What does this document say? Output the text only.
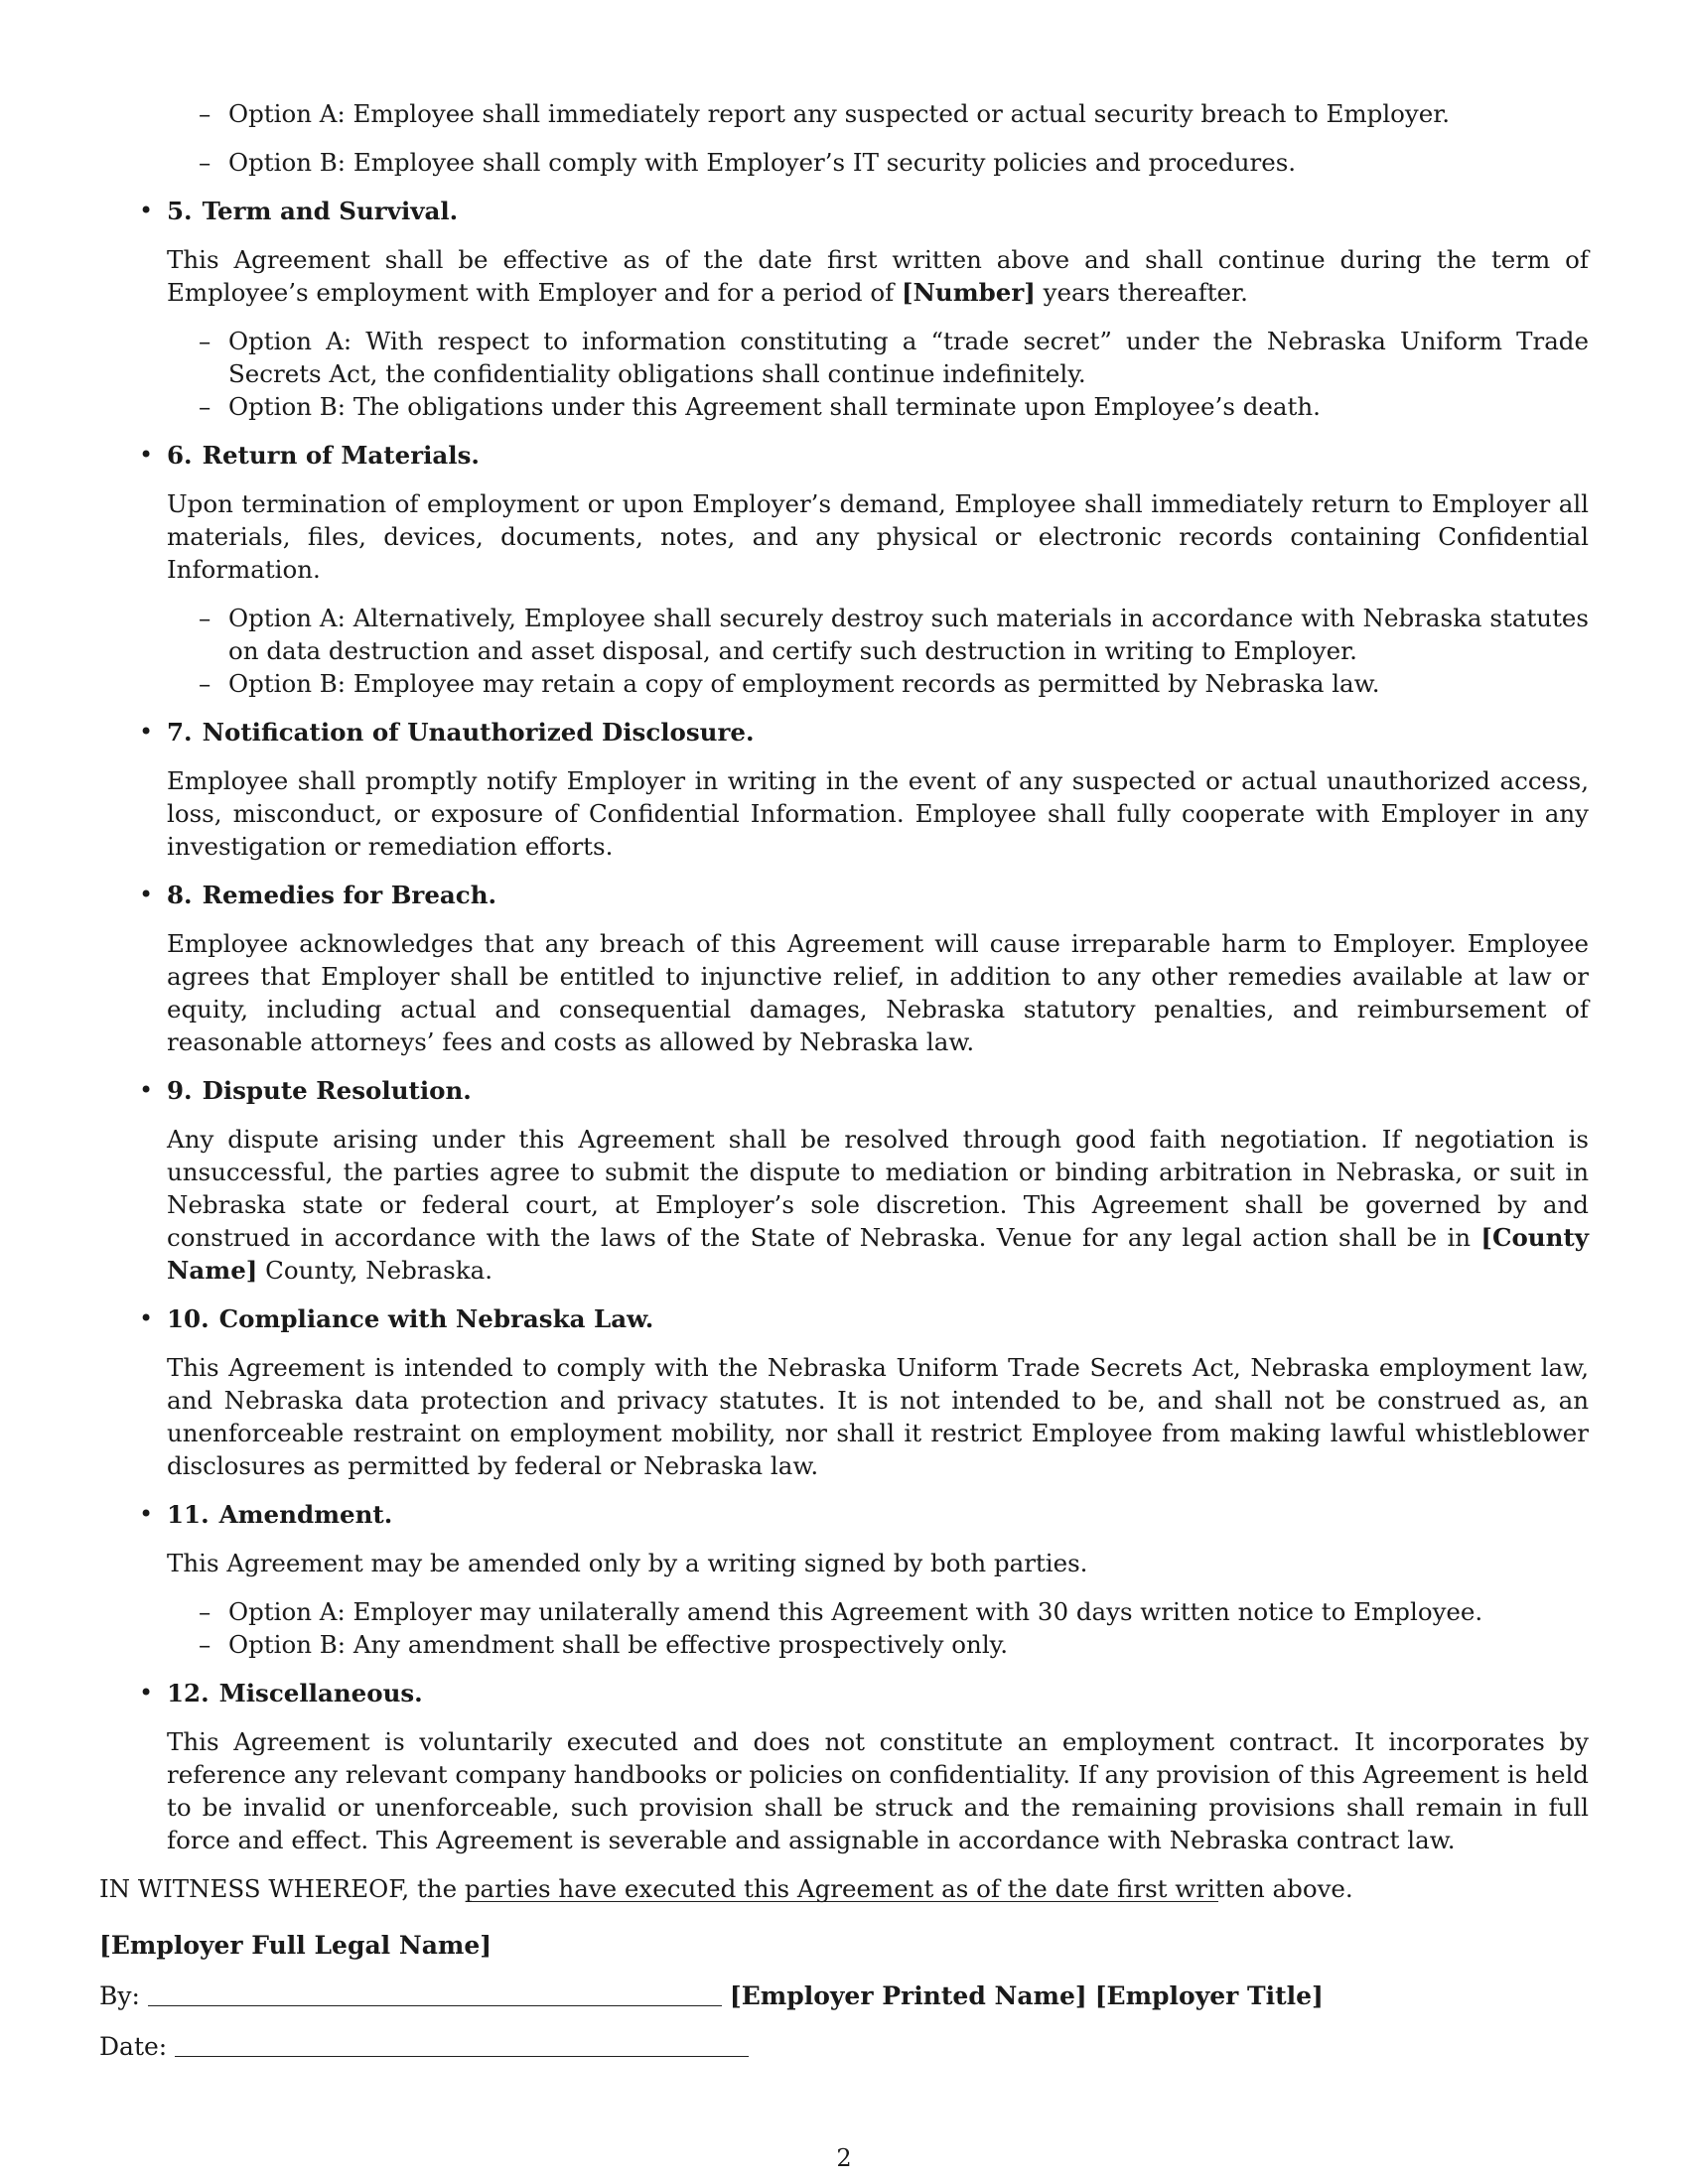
– Option A: Employee shall immediately report any suspected or actual security breach to Employer.
– Option B: Employee shall comply with Employer’s IT security policies and procedures.
• 5. Term and Survival.
This Agreement shall be effective as of the date first written above and shall continue during the term of Employee’s employment with Employer and for a period of [Number] years thereafter.
– Option A: With respect to information constituting a “trade secret” under the Nebraska Uniform Trade Secrets Act, the confidentiality obligations shall continue indefinitely.
– Option B: The obligations under this Agreement shall terminate upon Employee’s death.
• 6. Return of Materials.
Upon termination of employment or upon Employer’s demand, Employee shall immediately return to Employer all materials, files, devices, documents, notes, and any physical or electronic records containing Confidential Information.
– Option A: Alternatively, Employee shall securely destroy such materials in accordance with Nebraska statutes on data destruction and asset disposal, and certify such destruction in writing to Employer.
– Option B: Employee may retain a copy of employment records as permitted by Nebraska law.
• 7. Notification of Unauthorized Disclosure.
Employee shall promptly notify Employer in writing in the event of any suspected or actual unauthorized access, loss, misconduct, or exposure of Confidential Information. Employee shall fully cooperate with Employer in any investigation or remediation efforts.
• 8. Remedies for Breach.
Employee acknowledges that any breach of this Agreement will cause irreparable harm to Employer. Employee agrees that Employer shall be entitled to injunctive relief, in addition to any other remedies available at law or equity, including actual and consequential damages, Nebraska statutory penalties, and reimbursement of reasonable attorneys’ fees and costs as allowed by Nebraska law.
• 9. Dispute Resolution.
Any dispute arising under this Agreement shall be resolved through good faith negotiation. If negotiation is unsuccessful, the parties agree to submit the dispute to mediation or binding arbitration in Nebraska, or suit in Nebraska state or federal court, at Employer’s sole discretion. This Agreement shall be governed by and construed in accordance with the laws of the State of Nebraska. Venue for any legal action shall be in [County Name] County, Nebraska.
• 10. Compliance with Nebraska Law.
This Agreement is intended to comply with the Nebraska Uniform Trade Secrets Act, Nebraska employment law, and Nebraska data protection and privacy statutes. It is not intended to be, and shall not be construed as, an unenforceable restraint on employment mobility, nor shall it restrict Employee from making lawful whistleblower disclosures as permitted by federal or Nebraska law.
• 11. Amendment.
This Agreement may be amended only by a writing signed by both parties.
– Option A: Employer may unilaterally amend this Agreement with 30 days written notice to Employee.
– Option B: Any amendment shall be effective prospectively only.
• 12. Miscellaneous.
This Agreement is voluntarily executed and does not constitute an employment contract. It incorporates by reference any relevant company handbooks or policies on confidentiality. If any provision of this Agreement is held to be invalid or unenforceable, such provision shall be struck and the remaining provisions shall remain in full force and effect. This Agreement is severable and assignable in accordance with Nebraska contract law.
IN WITNESS WHEREOF, the parties have executed this Agreement as of the date first written above.
[Employer Full Legal Name]
By:	[Employer Printed Name] [Employer Title]
Date:
2
